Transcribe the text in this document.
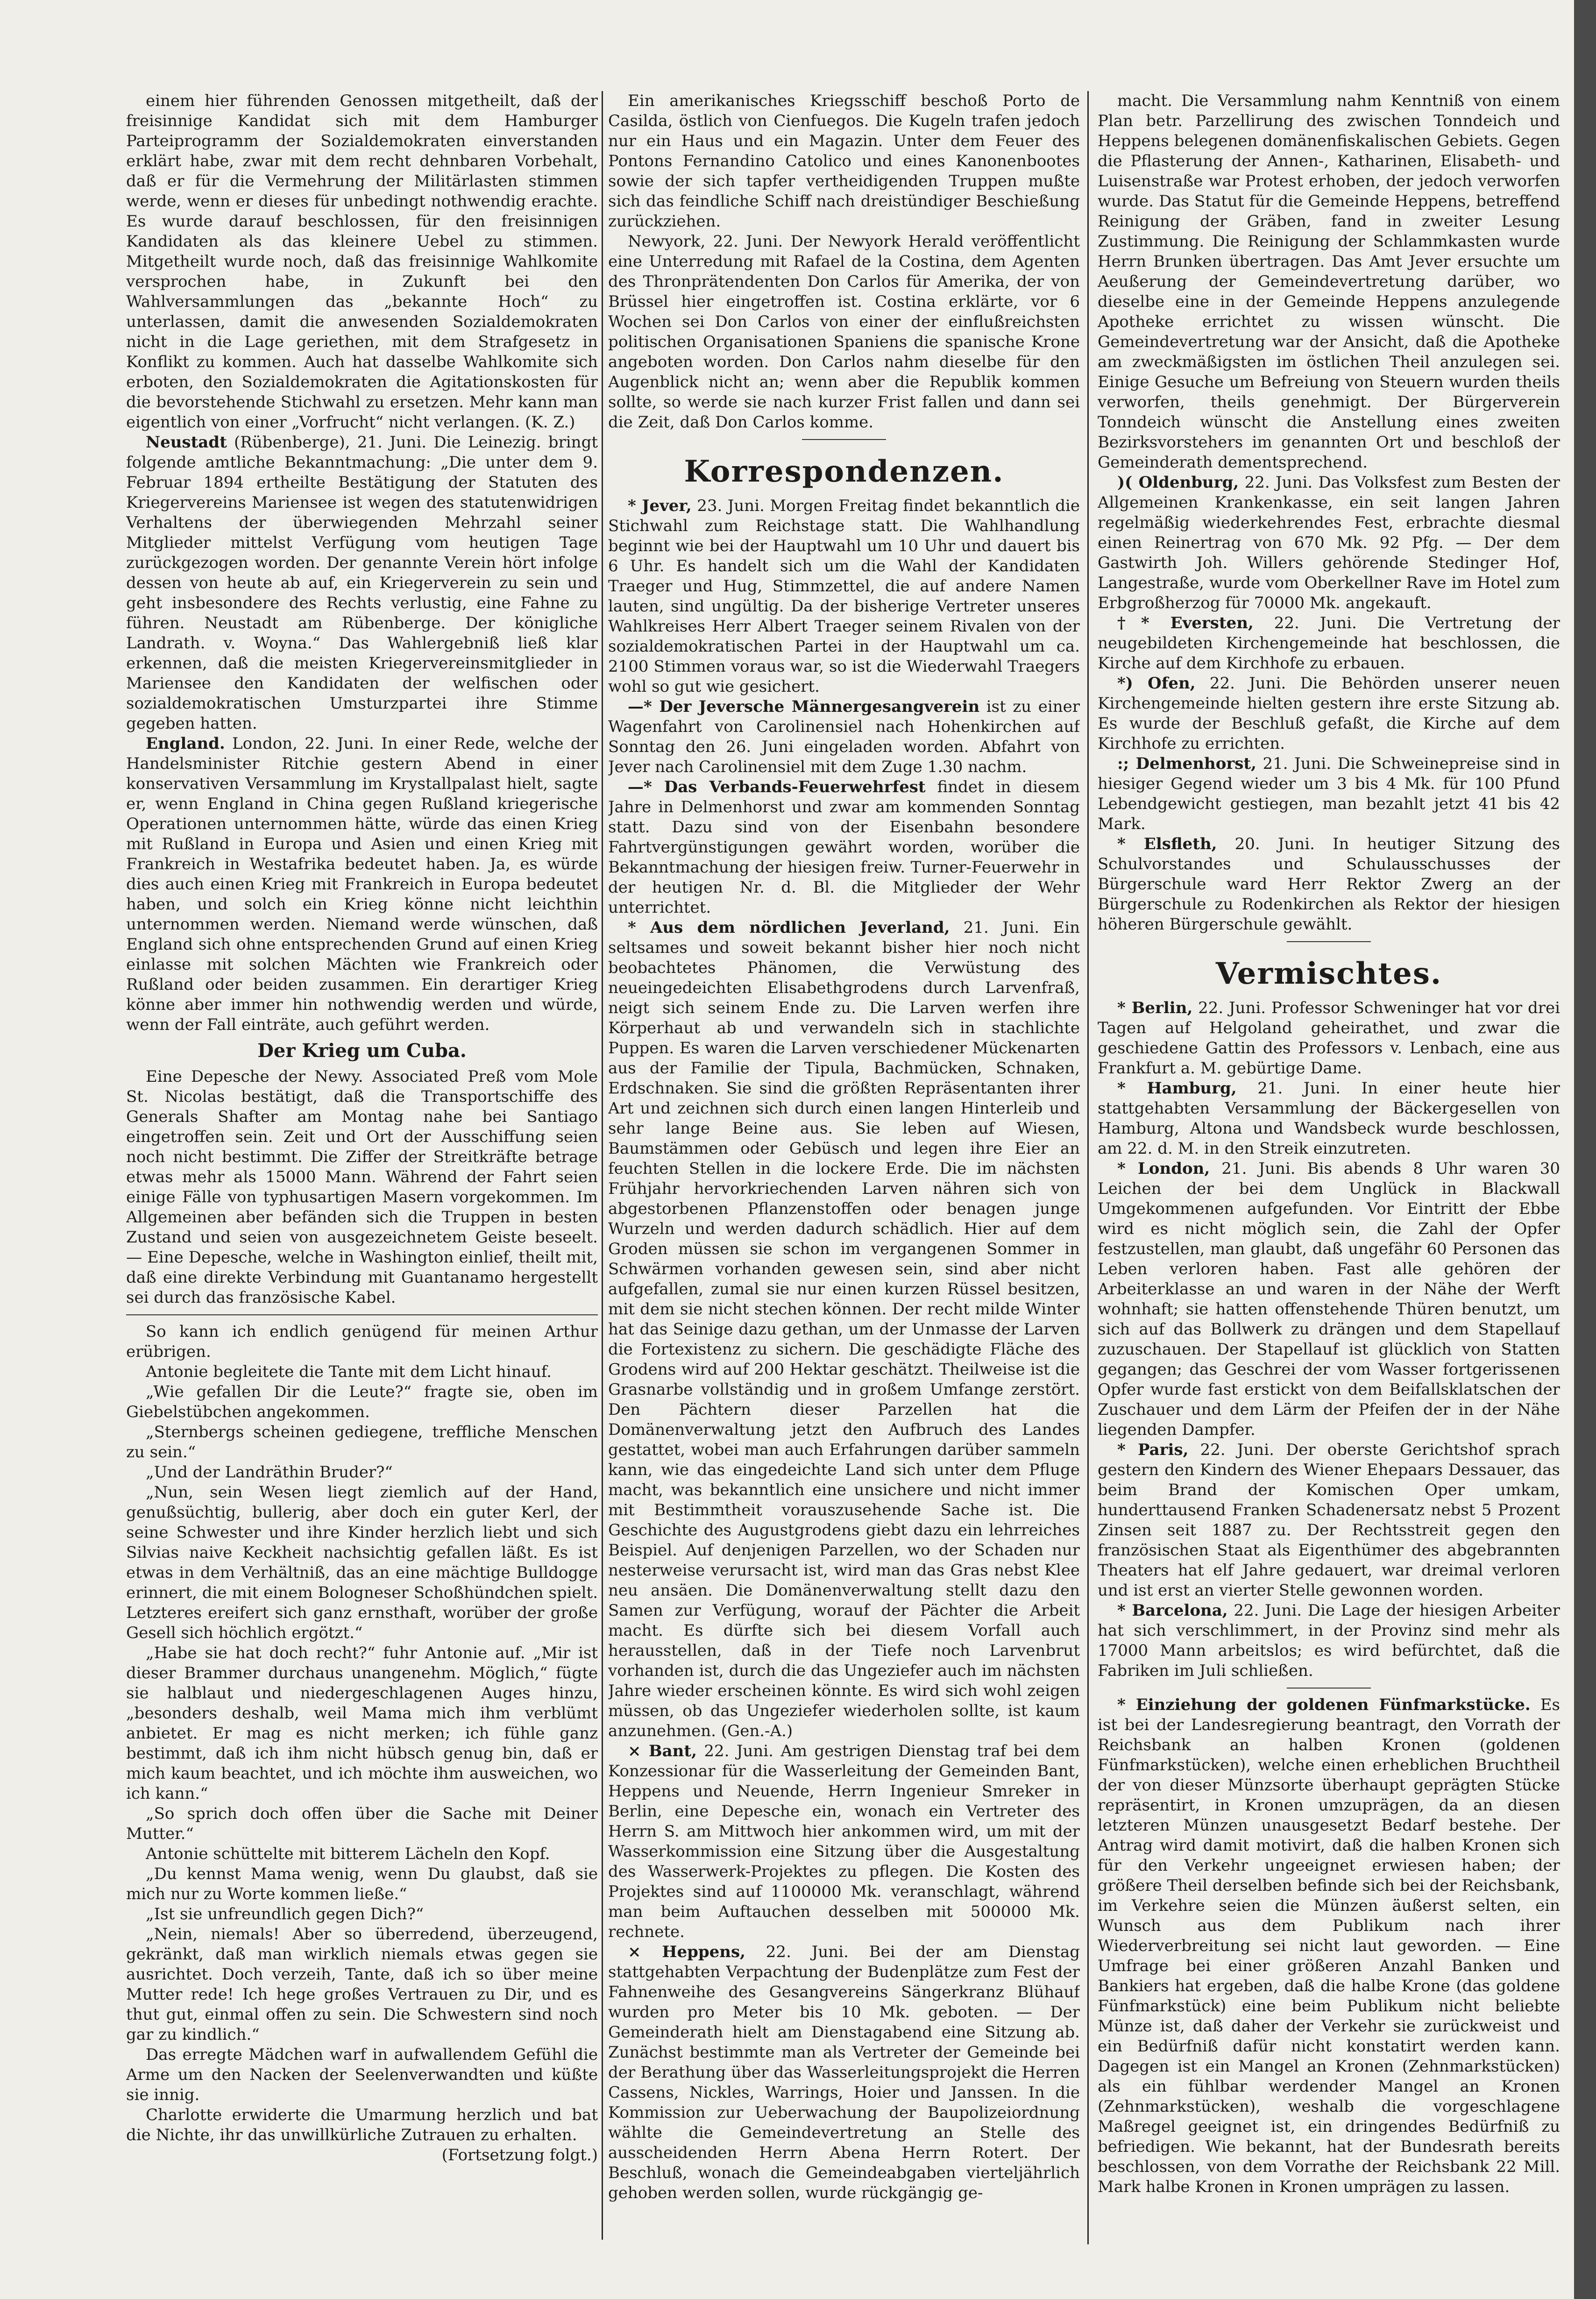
einem hier führenden Genossen mitgetheilt, daß der freisinnige Kandidat sich mit dem Hamburger Parteiprogramm der Sozialdemokraten einverstanden erklärt habe, zwar mit dem recht dehnbaren Vorbehalt, daß er für die Vermehrung der Militärlasten stimmen werde, wenn er dieses für unbedingt nothwendig erachte. Es wurde darauf beschlossen, für den freisinnigen Kandidaten als das kleinere Uebel zu stimmen. Mitgetheilt wurde noch, daß das freisinnige Wahlkomite versprochen habe, in Zukunft bei den Wahlversammlungen das „bekannte Hoch“ zu unterlassen, damit die anwesenden Sozialdemokraten nicht in die Lage geriethen, mit dem Strafgesetz in Konflikt zu kommen. Auch hat dasselbe Wahlkomite sich erboten, den Sozialdemokraten die Agitationskosten für die bevorstehende Stichwahl zu ersetzen. Mehr kann man eigentlich von einer „Vorfrucht“ nicht verlangen. (K. Z.)

Neustadt (Rübenberge), 21. Juni. Die Leinezig. bringt folgende amtliche Bekanntmachung: „Die unter dem 9. Februar 1894 ertheilte Bestätigung der Statuten des Kriegervereins Mariensee ist wegen des statutenwidrigen Verhaltens der überwiegenden Mehrzahl seiner Mitglieder mittelst Verfügung vom heutigen Tage zurückgezogen worden. Der genannte Verein hört infolge dessen von heute ab auf, ein Kriegerverein zu sein und geht insbesondere des Rechts verlustig, eine Fahne zu führen. Neustadt am Rübenberge. Der königliche Landrath. v. Woyna.“ Das Wahlergebniß ließ klar erkennen, daß die meisten Kriegervereinsmitglieder in Mariensee den Kandidaten der welfischen oder sozialdemokratischen Umsturzpartei ihre Stimme gegeben hatten.

England. London, 22. Juni. In einer Rede, welche der Handelsminister Ritchie gestern Abend in einer konservativen Versammlung im Krystallpalast hielt, sagte er, wenn England in China gegen Rußland kriegerische Operationen unternommen hätte, würde das einen Krieg mit Rußland in Europa und Asien und einen Krieg mit Frankreich in Westafrika bedeutet haben. Ja, es würde dies auch einen Krieg mit Frankreich in Europa bedeutet haben, und solch ein Krieg könne nicht leichthin unternommen werden. Niemand werde wünschen, daß England sich ohne entsprechenden Grund auf einen Krieg einlasse mit solchen Mächten wie Frankreich oder Rußland oder beiden zusammen. Ein derartiger Krieg könne aber immer hin nothwendig werden und würde, wenn der Fall einträte, auch geführt werden.

Der Krieg um Cuba.

Eine Depesche der Newy. Associated Preß vom Mole St. Nicolas bestätigt, daß die Transportschiffe des Generals Shafter am Montag nahe bei Santiago eingetroffen sein. Zeit und Ort der Ausschiffung seien noch nicht bestimmt. Die Ziffer der Streitkräfte betrage etwas mehr als 15000 Mann. Während der Fahrt seien einige Fälle von typhusartigen Masern vorgekommen. Im Allgemeinen aber befänden sich die Truppen in besten Zustand und seien von ausgezeichnetem Geiste beseelt. — Eine Depesche, welche in Washington einlief, theilt mit, daß eine direkte Verbindung mit Guantanamo hergestellt sei durch das französische Kabel.

So kann ich endlich genügend für meinen Arthur erübrigen.

Antonie begleitete die Tante mit dem Licht hinauf.

„Wie gefallen Dir die Leute?“ fragte sie, oben im Giebelstübchen angekommen.

„Sternbergs scheinen gediegene, treffliche Menschen zu sein.“

„Und der Landräthin Bruder?“

„Nun, sein Wesen liegt ziemlich auf der Hand, genußsüchtig, bullerig, aber doch ein guter Kerl, der seine Schwester und ihre Kinder herzlich liebt und sich Silvias naive Keckheit nachsichtig gefallen läßt. Es ist etwas in dem Verhältniß, das an eine mächtige Bulldogge erinnert, die mit einem Bologneser Schoßhündchen spielt. Letzteres ereifert sich ganz ernsthaft, worüber der große Gesell sich höchlich ergötzt.“

„Habe sie hat doch recht?“ fuhr Antonie auf. „Mir ist dieser Brammer durchaus unangenehm. Möglich,“ fügte sie halblaut und niedergeschlagenen Auges hinzu, „besonders deshalb, weil Mama mich ihm verblümt anbietet. Er mag es nicht merken; ich fühle ganz bestimmt, daß ich ihm nicht hübsch genug bin, daß er mich kaum beachtet, und ich möchte ihm ausweichen, wo ich kann.“

„So sprich doch offen über die Sache mit Deiner Mutter.“

Antonie schüttelte mit bitterem Lächeln den Kopf.

„Du kennst Mama wenig, wenn Du glaubst, daß sie mich nur zu Worte kommen ließe.“

„Ist sie unfreundlich gegen Dich?“

„Nein, niemals! Aber so überredend, überzeugend, gekränkt, daß man wirklich niemals etwas gegen sie ausrichtet. Doch verzeih, Tante, daß ich so über meine Mutter rede! Ich hege großes Vertrauen zu Dir, und es thut gut, einmal offen zu sein. Die Schwestern sind noch gar zu kindlich.“

Das erregte Mädchen warf in aufwallendem Gefühl die Arme um den Nacken der Seelenverwandten und küßte sie innig.

Charlotte erwiderte die Umarmung herzlich und bat die Nichte, ihr das unwillkürliche Zutrauen zu erhalten.

(Fortsetzung folgt.)

Ein amerikanisches Kriegsschiff beschoß Porto de Casilda, östlich von Cienfuegos. Die Kugeln trafen jedoch nur ein Haus und ein Magazin. Unter dem Feuer des Pontons Fernandino Catolico und eines Kanonenbootes sowie der sich tapfer vertheidigenden Truppen mußte sich das feindliche Schiff nach dreistündiger Beschießung zurückziehen.

Newyork, 22. Juni. Der Newyork Herald veröffentlicht eine Unterredung mit Rafael de la Costina, dem Agenten des Thronprätendenten Don Carlos für Amerika, der von Brüssel hier eingetroffen ist. Costina erklärte, vor 6 Wochen sei Don Carlos von einer der einflußreichsten politischen Organisationen Spaniens die spanische Krone angeboten worden. Don Carlos nahm dieselbe für den Augenblick nicht an; wenn aber die Republik kommen sollte, so werde sie nach kurzer Frist fallen und dann sei die Zeit, daß Don Carlos komme.

Korrespondenzen.

* Jever, 23. Juni. Morgen Freitag findet bekanntlich die Stichwahl zum Reichstage statt. Die Wahlhandlung beginnt wie bei der Hauptwahl um 10 Uhr und dauert bis 6 Uhr. Es handelt sich um die Wahl der Kandidaten Traeger und Hug, Stimmzettel, die auf andere Namen lauten, sind ungültig. Da der bisherige Vertreter unseres Wahlkreises Herr Albert Traeger seinem Rivalen von der sozialdemokratischen Partei in der Hauptwahl um ca. 2100 Stimmen voraus war, so ist die Wiederwahl Traegers wohl so gut wie gesichert.

—* Der Jeversche Männergesangverein ist zu einer Wagenfahrt von Carolinensiel nach Hohenkirchen auf Sonntag den 26. Juni eingeladen worden. Abfahrt von Jever nach Carolinensiel mit dem Zuge 1.30 nachm.

—* Das Verbands-Feuerwehrfest findet in diesem Jahre in Delmenhorst und zwar am kommenden Sonntag statt. Dazu sind von der Eisenbahn besondere Fahrtvergünstigungen gewährt worden, worüber die Bekanntmachung der hiesigen freiw. Turner-Feuerwehr in der heutigen Nr. d. Bl. die Mitglieder der Wehr unterrichtet.

* Aus dem nördlichen Jeverland, 21. Juni. Ein seltsames und soweit bekannt bisher hier noch nicht beobachtetes Phänomen, die Verwüstung des neueingedeichten Elisabethgrodens durch Larvenfraß, neigt sich seinem Ende zu. Die Larven werfen ihre Körperhaut ab und verwandeln sich in stachlichte Puppen. Es waren die Larven verschiedener Mückenarten aus der Familie der Tipula, Bachmücken, Schnaken, Erdschnaken. Sie sind die größten Repräsentanten ihrer Art und zeichnen sich durch einen langen Hinterleib und sehr lange Beine aus. Sie leben auf Wiesen, Baumstämmen oder Gebüsch und legen ihre Eier an feuchten Stellen in die lockere Erde. Die im nächsten Frühjahr hervorkriechenden Larven nähren sich von abgestorbenen Pflanzenstoffen oder benagen junge Wurzeln und werden dadurch schädlich. Hier auf dem Groden müssen sie schon im vergangenen Sommer in Schwärmen vorhanden gewesen sein, sind aber nicht aufgefallen, zumal sie nur einen kurzen Rüssel besitzen, mit dem sie nicht stechen können. Der recht milde Winter hat das Seinige dazu gethan, um der Unmasse der Larven die Fortexistenz zu sichern. Die geschädigte Fläche des Grodens wird auf 200 Hektar geschätzt. Theilweise ist die Grasnarbe vollständig und in großem Umfange zerstört. Den Pächtern dieser Parzellen hat die Domänenverwaltung jetzt den Aufbruch des Landes gestattet, wobei man auch Erfahrungen darüber sammeln kann, wie das eingedeichte Land sich unter dem Pfluge macht, was bekanntlich eine unsichere und nicht immer mit Bestimmtheit vorauszusehende Sache ist. Die Geschichte des Augustgrodens giebt dazu ein lehrreiches Beispiel. Auf denjenigen Parzellen, wo der Schaden nur nesterweise verursacht ist, wird man das Gras nebst Klee neu ansäen. Die Domänenverwaltung stellt dazu den Samen zur Verfügung, worauf der Pächter die Arbeit macht. Es dürfte sich bei diesem Vorfall auch herausstellen, daß in der Tiefe noch Larvenbrut vorhanden ist, durch die das Ungeziefer auch im nächsten Jahre wieder erscheinen könnte. Es wird sich wohl zeigen müssen, ob das Ungeziefer wiederholen sollte, ist kaum anzunehmen. (Gen.-A.)

⨯ Bant, 22. Juni. Am gestrigen Dienstag traf bei dem Konzessionar für die Wasserleitung der Gemeinden Bant, Heppens und Neuende, Herrn Ingenieur Smreker in Berlin, eine Depesche ein, wonach ein Vertreter des Herrn S. am Mittwoch hier ankommen wird, um mit der Wasserkommission eine Sitzung über die Ausgestaltung des Wasserwerk-Projektes zu pflegen. Die Kosten des Projektes sind auf 1100000 Mk. veranschlagt, während man beim Auftauchen desselben mit 500000 Mk. rechnete.

⨯ Heppens, 22. Juni. Bei der am Dienstag stattgehabten Verpachtung der Budenplätze zum Fest der Fahnenweihe des Gesangvereins Sängerkranz Blühauf wurden pro Meter bis 10 Mk. geboten. — Der Gemeinderath hielt am Dienstagabend eine Sitzung ab. Zunächst bestimmte man als Vertreter der Gemeinde bei der Berathung über das Wasserleitungsprojekt die Herren Cassens, Nickles, Warrings, Hoier und Janssen. In die Kommission zur Ueberwachung der Baupolizeiordnung wählte die Gemeindevertretung an Stelle des ausscheidenden Herrn Abena Herrn Rotert. Der Beschluß, wonach die Gemeindeabgaben vierteljährlich gehoben werden sollen, wurde rückgängig ge-

macht. Die Versammlung nahm Kenntniß von einem Plan betr. Parzellirung des zwischen Tonndeich und Heppens belegenen domänenfiskalischen Gebiets. Gegen die Pflasterung der Annen-, Katharinen, Elisabeth- und Luisenstraße war Protest erhoben, der jedoch verworfen wurde. Das Statut für die Gemeinde Heppens, betreffend Reinigung der Gräben, fand in zweiter Lesung Zustimmung. Die Reinigung der Schlammkasten wurde Herrn Brunken übertragen. Das Amt Jever ersuchte um Aeußerung der Gemeindevertretung darüber, wo dieselbe eine in der Gemeinde Heppens anzulegende Apotheke errichtet zu wissen wünscht. Die Gemeindevertretung war der Ansicht, daß die Apotheke am zweckmäßigsten im östlichen Theil anzulegen sei. Einige Gesuche um Befreiung von Steuern wurden theils verworfen, theils genehmigt. Der Bürgerverein Tonndeich wünscht die Anstellung eines zweiten Bezirksvorstehers im genannten Ort und beschloß der Gemeinderath dementsprechend.

)( Oldenburg, 22. Juni. Das Volksfest zum Besten der Allgemeinen Krankenkasse, ein seit langen Jahren regelmäßig wiederkehrendes Fest, erbrachte diesmal einen Reinertrag von 670 Mk. 92 Pfg. — Der dem Gastwirth Joh. Willers gehörende Stedinger Hof, Langestraße, wurde vom Oberkellner Rave im Hotel zum Erbgroßherzog für 70000 Mk. angekauft.

†* Eversten, 22. Juni. Die Vertretung der neugebildeten Kirchengemeinde hat beschlossen, die Kirche auf dem Kirchhofe zu erbauen.

*) Ofen, 22. Juni. Die Behörden unserer neuen Kirchengemeinde hielten gestern ihre erste Sitzung ab. Es wurde der Beschluß gefaßt, die Kirche auf dem Kirchhofe zu errichten.

:; Delmenhorst, 21. Juni. Die Schweinepreise sind in hiesiger Gegend wieder um 3 bis 4 Mk. für 100 Pfund Lebendgewicht gestiegen, man bezahlt jetzt 41 bis 42 Mark.

* Elsfleth, 20. Juni. In heutiger Sitzung des Schulvorstandes und Schulausschusses der Bürgerschule ward Herr Rektor Zwerg an der Bürgerschule zu Rodenkirchen als Rektor der hiesigen höheren Bürgerschule gewählt.

Vermischtes.

* Berlin, 22. Juni. Professor Schweninger hat vor drei Tagen auf Helgoland geheirathet, und zwar die geschiedene Gattin des Professors v. Lenbach, eine aus Frankfurt a. M. gebürtige Dame.

* Hamburg, 21. Juni. In einer heute hier stattgehabten Versammlung der Bäckergesellen von Hamburg, Altona und Wandsbeck wurde beschlossen, am 22. d. M. in den Streik einzutreten.

* London, 21. Juni. Bis abends 8 Uhr waren 30 Leichen der bei dem Unglück in Blackwall Umgekommenen aufgefunden. Vor Eintritt der Ebbe wird es nicht möglich sein, die Zahl der Opfer festzustellen, man glaubt, daß ungefähr 60 Personen das Leben verloren haben. Fast alle gehören der Arbeiterklasse an und waren in der Nähe der Werft wohnhaft; sie hatten offenstehende Thüren benutzt, um sich auf das Bollwerk zu drängen und dem Stapellauf zuzuschauen. Der Stapellauf ist glücklich von Statten gegangen; das Geschrei der vom Wasser fortgerissenen Opfer wurde fast erstickt von dem Beifallsklatschen der Zuschauer und dem Lärm der Pfeifen der in der Nähe liegenden Dampfer.

* Paris, 22. Juni. Der oberste Gerichtshof sprach gestern den Kindern des Wiener Ehepaars Dessauer, das beim Brand der Komischen Oper umkam, hunderttausend Franken Schadenersatz nebst 5 Prozent Zinsen seit 1887 zu. Der Rechtsstreit gegen den französischen Staat als Eigenthümer des abgebrannten Theaters hat elf Jahre gedauert, war dreimal verloren und ist erst an vierter Stelle gewonnen worden.

* Barcelona, 22. Juni. Die Lage der hiesigen Arbeiter hat sich verschlimmert, in der Provinz sind mehr als 17000 Mann arbeitslos; es wird befürchtet, daß die Fabriken im Juli schließen.

* Einziehung der goldenen Fünfmarkstücke. Es ist bei der Landesregierung beantragt, den Vorrath der Reichsbank an halben Kronen (goldenen Fünfmarkstücken), welche einen erheblichen Bruchtheil der von dieser Münzsorte überhaupt geprägten Stücke repräsentirt, in Kronen umzuprägen, da an diesen letzteren Münzen unausgesetzt Bedarf bestehe. Der Antrag wird damit motivirt, daß die halben Kronen sich für den Verkehr ungeeignet erwiesen haben; der größere Theil derselben befinde sich bei der Reichsbank, im Verkehre seien die Münzen äußerst selten, ein Wunsch aus dem Publikum nach ihrer Wiederverbreitung sei nicht laut geworden. — Eine Umfrage bei einer größeren Anzahl Banken und Bankiers hat ergeben, daß die halbe Krone (das goldene Fünfmarkstück) eine beim Publikum nicht beliebte Münze ist, daß daher der Verkehr sie zurückweist und ein Bedürfniß dafür nicht konstatirt werden kann. Dagegen ist ein Mangel an Kronen (Zehnmarkstücken) als ein fühlbar werdender Mangel an Kronen (Zehnmarkstücken), weshalb die vorgeschlagene Maßregel geeignet ist, ein dringendes Bedürfniß zu befriedigen. Wie bekannt, hat der Bundesrath bereits beschlossen, von dem Vorrathe der Reichsbank 22 Mill. Mark halbe Kronen in Kronen umprägen zu lassen.
